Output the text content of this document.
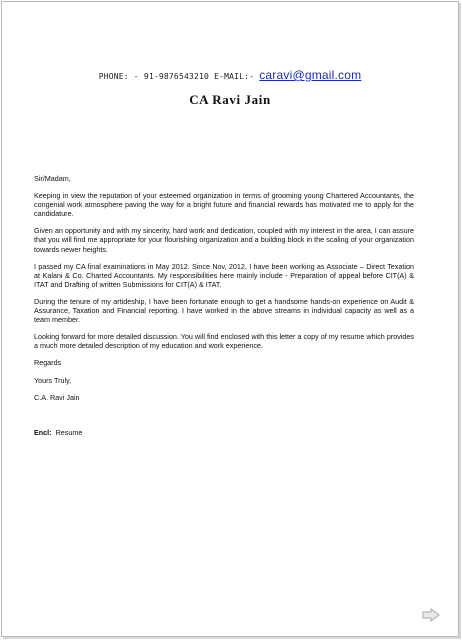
PHONE: - 91-9876543210 E-MAIL:- caravi@gmail.com
CA Ravi Jain

Sir/Madam,

Keeping in view the reputation of your esteemed organization in terms of grooming young Chartered Accountants, the congenial work atmosphere paving the way for a bright future and financial rewards has motivated me to apply for the candidature.

Given an opportunity and with my sincerity, hard work and dedication, coupled with my interest in the area, I can assure that you will find me appropriate for your flourishing organization and a building block in the scaling of your organization towards newer heights.

I passed my CA final examinations in May 2012. Since Nov, 2012, I have been working as Associate – Direct Texation at Kalani & Co. Charted Accountants. My responsibilities here mainly include - Preparation of appeal before CIT(A) & ITAT and Drafting of written Submissions for CIT(A) & ITAT.

During the tenure of my artideship, I have been fortunate enough to get a handsome hands-on experience on Audit & Assurance, Taxation and Financial reporting. I have worked in the above streams in individual capacity as well as a team member.

Looking forward for more detailed discussion. You will find enclosed with this letter a copy of my resume which provides a much more detailed description of my education and work experience.

Regards

Yours Truly,

C.A. Ravi Jain

Encl: Resume
